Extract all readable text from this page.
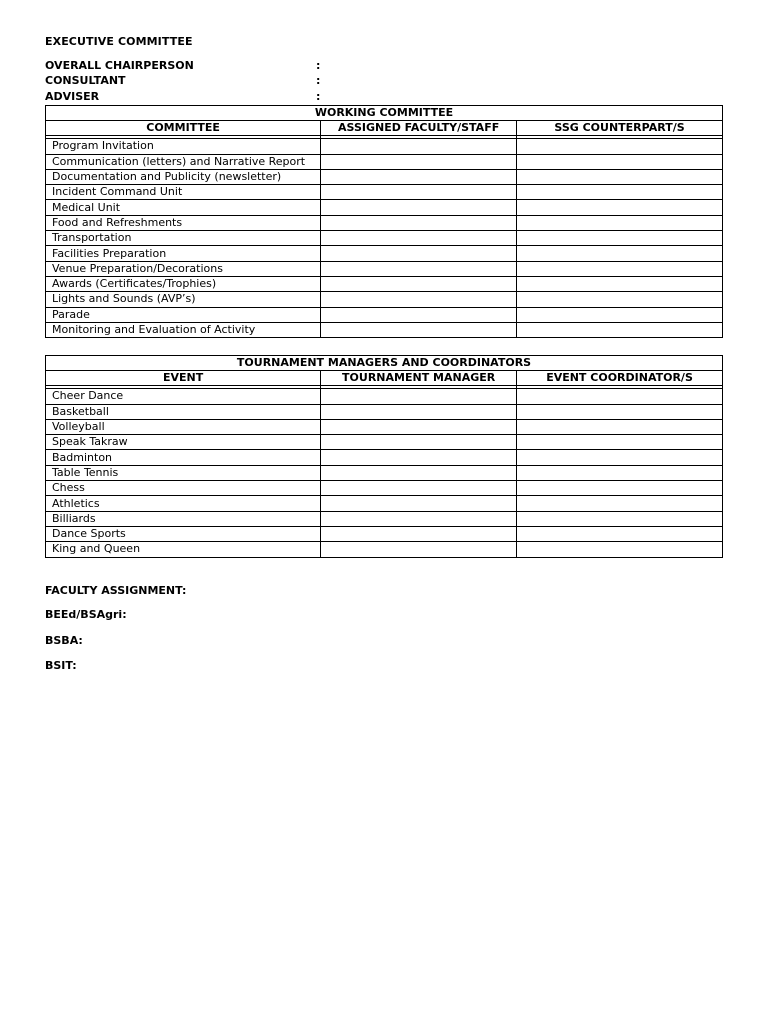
EXECUTIVE COMMITTEE
OVERALL CHAIRPERSON	:
CONSULTANT	:
ADVISER	:
WORKING COMMITTEE		
COMMITTEE	ASSIGNED FACULTY/STAFF	SSG COUNTERPART/S

Program Invitation		
Communication (letters) and Narrative Report		
Documentation and Publicity (newsletter)		
Incident Command Unit		
Medical Unit		
Food and Refreshments		
Transportation		
Facilities Preparation		
Venue Preparation/Decorations		
Awards (Certificates/Trophies)		
Lights and Sounds (AVP’s)		
Parade		
Monitoring and Evaluation of Activity		
TOURNAMENT MANAGERS AND COORDINATORS		
EVENT	TOURNAMENT MANAGER	EVENT COORDINATOR/S

Cheer Dance		
Basketball		
Volleyball		
Speak Takraw		
Badminton		
Table Tennis		
Chess		
Athletics		
Billiards		
Dance Sports		
King and Queen		
FACULTY ASSIGNMENT:
BEEd/BSAgri:
BSBA:
BSIT:
